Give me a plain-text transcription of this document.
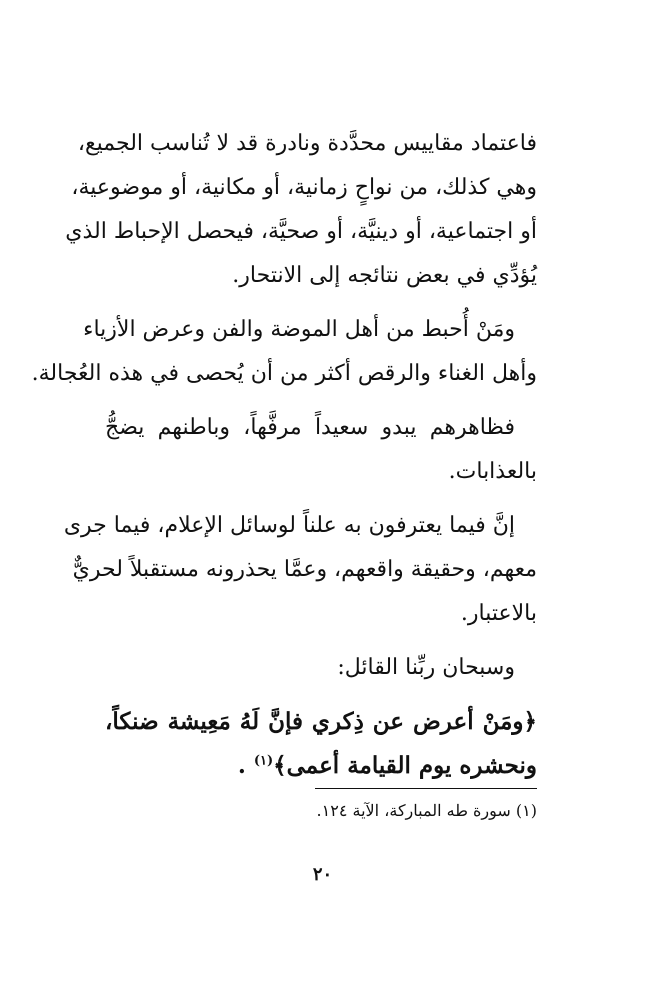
فاعتماد مقاييس محدَّدة ونادرة قد لا تُناسب الجميع،
وهي كذلك، من نواحٍ زمانية، أو مكانية، أو موضوعية،
أو اجتماعية، أو دينيَّة، أو صحيَّة، فيحصل الإحباط الذي
يُؤدِّي في بعض نتائجه إلى الانتحار.
ومَنْ أُحبط من أهل الموضة والفن وعرض الأزياء
وأهل الغناء والرقص أكثر من أن يُحصى في هذه العُجالة.
فظاهرهم يبدو سعيداً مرفَّهاً، وباطنهم يضجُّ
بالعذابات.
إنَّ فيما يعترفون به علناً لوسائل الإعلام، فيما جرى
معهم، وحقيقة واقعهم، وعمَّا يحذرونه مستقبلاً لحريٌّ
بالاعتبار.
وسبحان ربِّنا القائل:
﴿ومَنْ أعرض عن ذِكري فإنَّ لَهُ مَعِيشة ضنكاً،
ونحشره يوم القيامة أعمى﴾$^{(١)}$ .
(١) سورة طه المباركة، الآية ١٢٤.
٢٠
